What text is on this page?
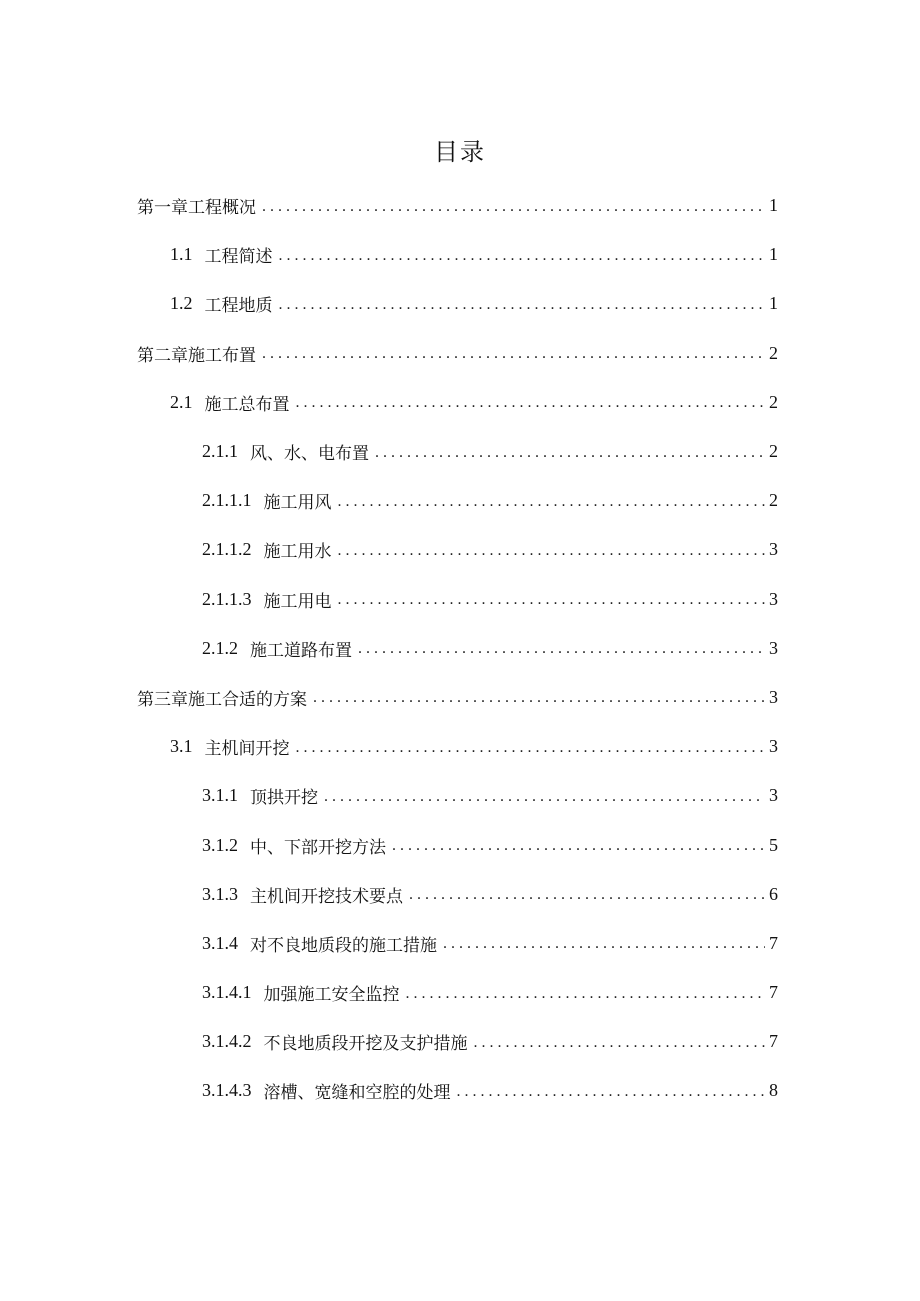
目录
第一章工程概况 . . .	1
1.1 工程简述 . . .	1
1.2 工程地质 . . .	1
第二章施工布置 . . .	2
2.1 施工总布置 . . .	2
2.1.1 风、水、电布置 . . .	2
2.1.1.1 施工用风 . . .	2
2.1.1.2 施工用水 . . .	3
2.1.1.3 施工用电 . . .	3
2.1.2 施工道路布置 . . .	3
第三章施工合适的方案 . . .	3
3.1 主机间开挖 . . .	3
3.1.1 顶拱开挖 . . .	3
3.1.2 中、下部开挖方法 . . .	5
3.1.3 主机间开挖技术要点 . . .	6
3.1.4 对不良地质段的施工措施 . . .	7
3.1.4.1 加强施工安全监控 . . .	7
3.1.4.2 不良地质段开挖及支护措施 . . .	7
3.1.4.3 溶槽、宽缝和空腔的处理 . . .	8
